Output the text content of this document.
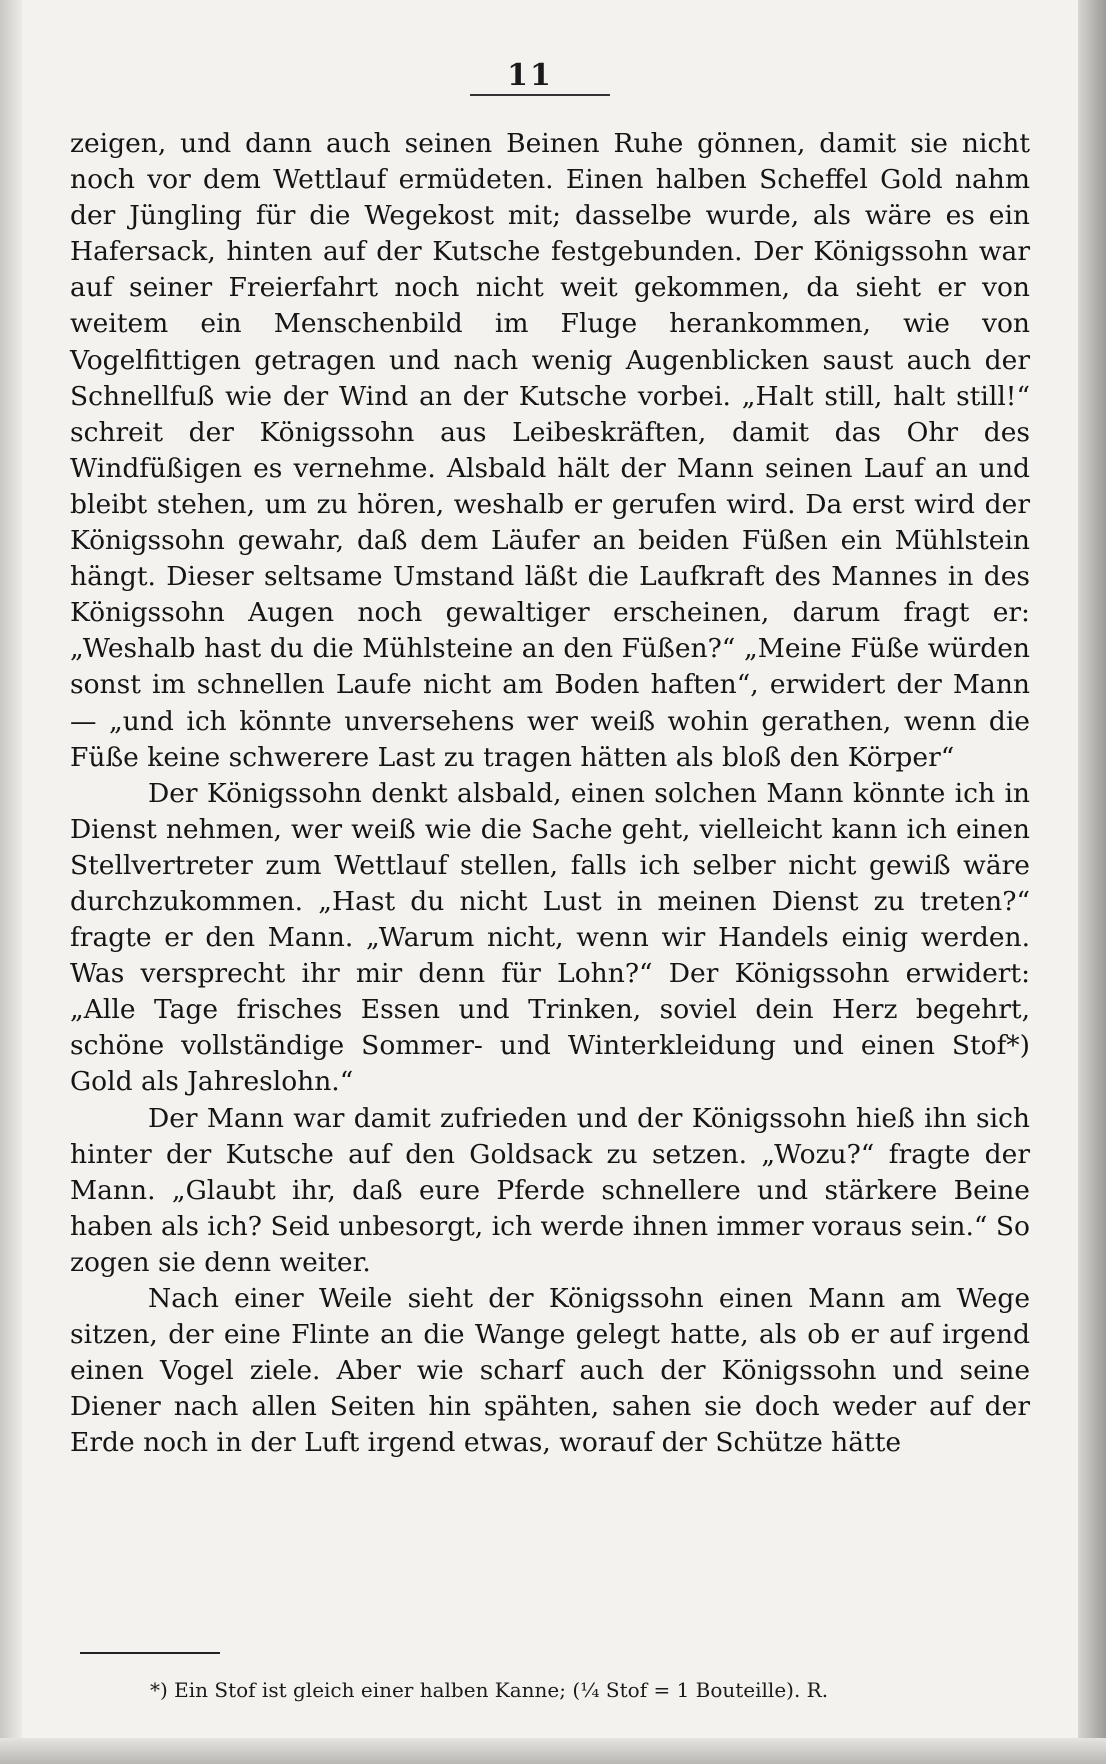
11

zeigen, und dann auch seinen Beinen Ruhe gönnen, damit sie nicht noch vor dem Wettlauf ermüdeten. Einen halben Scheffel Gold nahm der Jüngling für die Wegekost mit; dasselbe wurde, als wäre es ein Hafersack, hinten auf der Kutsche festgebunden. Der Königssohn war auf seiner Freierfahrt noch nicht weit gekommen, da sieht er von weitem ein Menschenbild im Fluge herankommen, wie von Vogelfittigen getragen und nach wenig Augenblicken saust auch der Schnellfuß wie der Wind an der Kutsche vorbei. „Halt still, halt still!“ schreit der Königssohn aus Leibeskräften, damit das Ohr des Windfüßigen es vernehme. Alsbald hält der Mann seinen Lauf an und bleibt stehen, um zu hören, weshalb er gerufen wird. Da erst wird der Königssohn gewahr, daß dem Läufer an beiden Füßen ein Mühlstein hängt. Dieser seltsame Umstand läßt die Laufkraft des Mannes in des Königssohn Augen noch gewaltiger erscheinen, darum fragt er: „Weshalb hast du die Mühlsteine an den Füßen?“ „Meine Füße würden sonst im schnellen Laufe nicht am Boden haften“, erwidert der Mann — „und ich könnte unversehens wer weiß wohin gerathen, wenn die Füße keine schwerere Last zu tragen hätten als bloß den Körper“

Der Königssohn denkt alsbald, einen solchen Mann könnte ich in Dienst nehmen, wer weiß wie die Sache geht, vielleicht kann ich einen Stellvertreter zum Wettlauf stellen, falls ich selber nicht gewiß wäre durchzukommen. „Hast du nicht Lust in meinen Dienst zu treten?“ fragte er den Mann. „Warum nicht, wenn wir Handels einig werden. Was versprecht ihr mir denn für Lohn?“ Der Königssohn erwidert: „Alle Tage frisches Essen und Trinken, soviel dein Herz begehrt, schöne vollständige Sommer- und Winterkleidung und einen Stof*) Gold als Jahreslohn.“

Der Mann war damit zufrieden und der Königssohn hieß ihn sich hinter der Kutsche auf den Goldsack zu setzen. „Wozu?“ fragte der Mann. „Glaubt ihr, daß eure Pferde schnellere und stärkere Beine haben als ich? Seid unbesorgt, ich werde ihnen immer voraus sein.“ So zogen sie denn weiter.

Nach einer Weile sieht der Königssohn einen Mann am Wege sitzen, der eine Flinte an die Wange gelegt hatte, als ob er auf irgend einen Vogel ziele. Aber wie scharf auch der Königssohn und seine Diener nach allen Seiten hin spähten, sahen sie doch weder auf der Erde noch in der Luft irgend etwas, worauf der Schütze hätte

*) Ein Stof ist gleich einer halben Kanne; (¼ Stof = 1 Bouteille). R.
